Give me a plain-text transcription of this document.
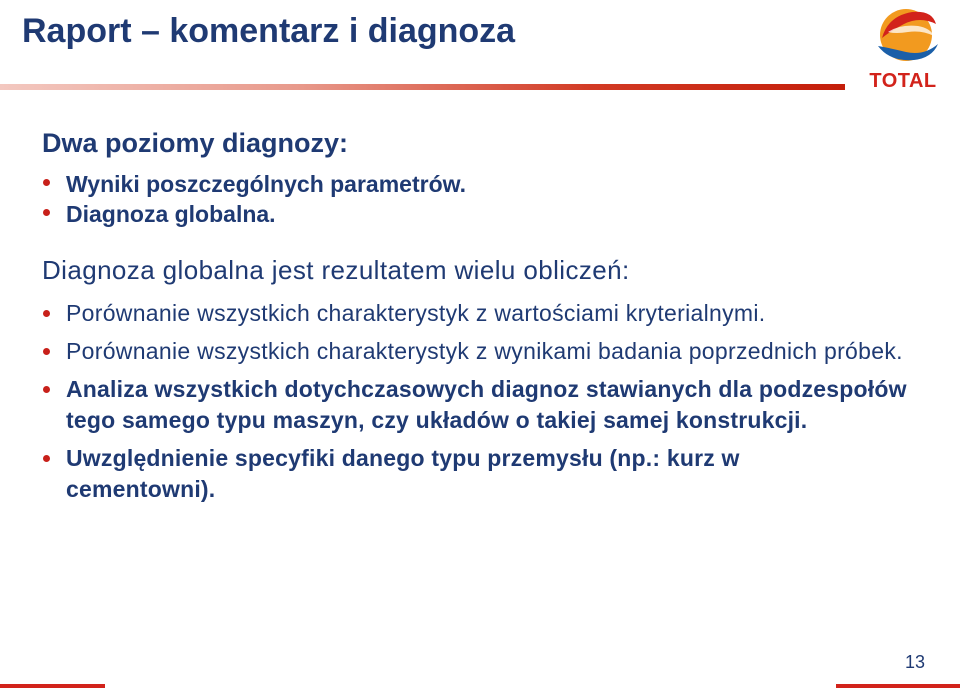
Raport – komentarz i diagnoza
TOTAL

Dwa poziomy diagnozy:

Wyniki poszczególnych parametrów.
Diagnoza globalna.

Diagnoza globalna jest rezultatem wielu obliczeń:

Porównanie wszystkich charakterystyk z wartościami kryterialnymi.
Porównanie wszystkich charakterystyk z wynikami badania poprzednich próbek.
Analiza wszystkich dotychczasowych diagnoz stawianych dla podzespołów tego samego typu maszyn, czy układów o takiej samej konstrukcji.
Uwzględnienie specyfiki danego typu przemysłu (np.: kurz w cementowni).
13
